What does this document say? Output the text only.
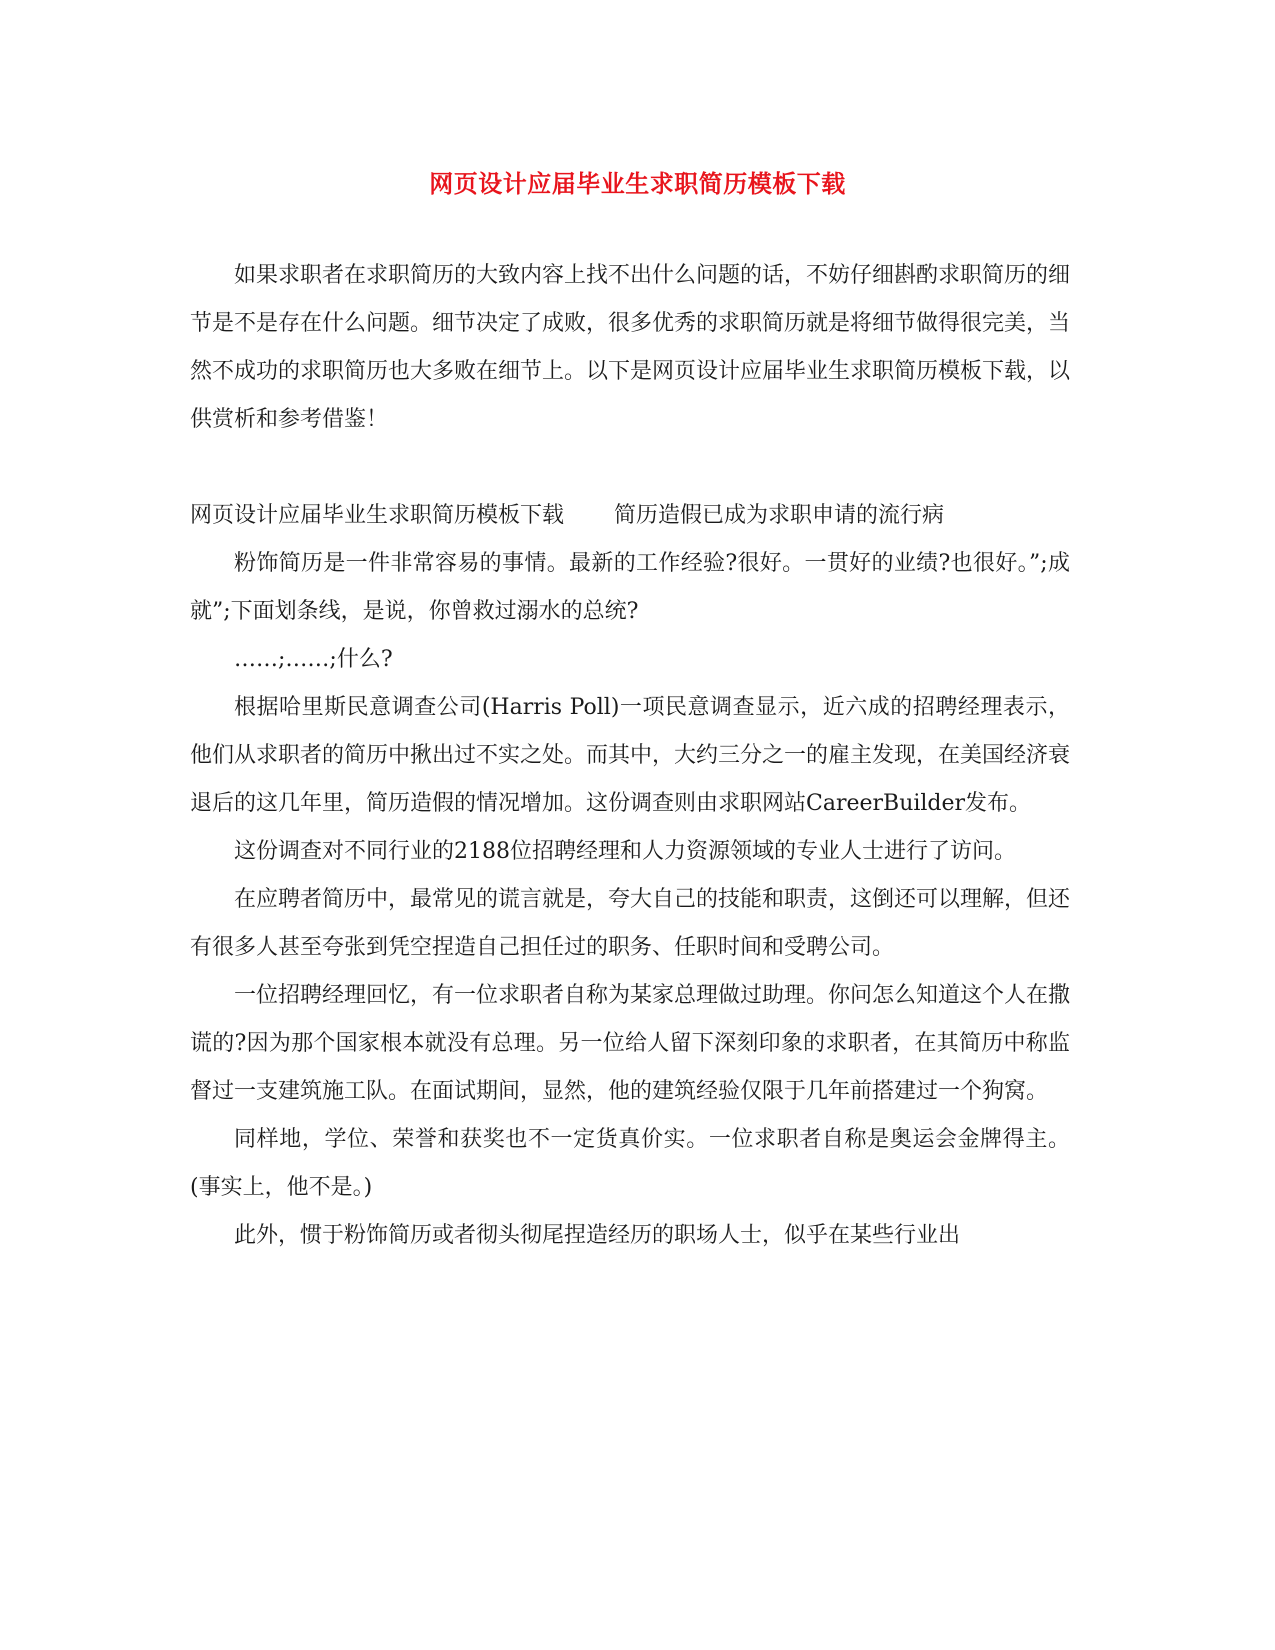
网页设计应届毕业生求职简历模板下载

如果求职者在求职简历的大致内容上找不出什么问题的话，不妨仔细斟酌求职简历的细节是不是存在什么问题。细节决定了成败，很多优秀的求职简历就是将细节做得很完美，当然不成功的求职简历也大多败在细节上。以下是网页设计应届毕业生求职简历模板下载，以供赏析和参考借鉴！

网页设计应届毕业生求职简历模板下载 简历造假已成为求职申请的流行病

粉饰简历是一件非常容易的事情。最新的工作经验?很好。一贯好的业绩?也很好。”;成就”;下面划条线，是说，你曾救过溺水的总统?

……;……;什么?

根据哈里斯民意调查公司(Harris Poll)一项民意调查显示，近六成的招聘经理表示，他们从求职者的简历中揪出过不实之处。而其中，大约三分之一的雇主发现，在美国经济衰退后的这几年里，简历造假的情况增加。这份调查则由求职网站CareerBuilder发布。

这份调查对不同行业的2188位招聘经理和人力资源领域的专业人士进行了访问。

在应聘者简历中，最常见的谎言就是，夸大自己的技能和职责，这倒还可以理解，但还有很多人甚至夸张到凭空捏造自己担任过的职务、任职时间和受聘公司。

一位招聘经理回忆，有一位求职者自称为某家总理做过助理。你问怎么知道这个人在撒谎的?因为那个国家根本就没有总理。另一位给人留下深刻印象的求职者，在其简历中称监督过一支建筑施工队。在面试期间，显然，他的建筑经验仅限于几年前搭建过一个狗窝。

同样地，学位、荣誉和获奖也不一定货真价实。一位求职者自称是奥运会金牌得主。(事实上，他不是。)

此外，惯于粉饰简历或者彻头彻尾捏造经历的职场人士，似乎在某些行业出
